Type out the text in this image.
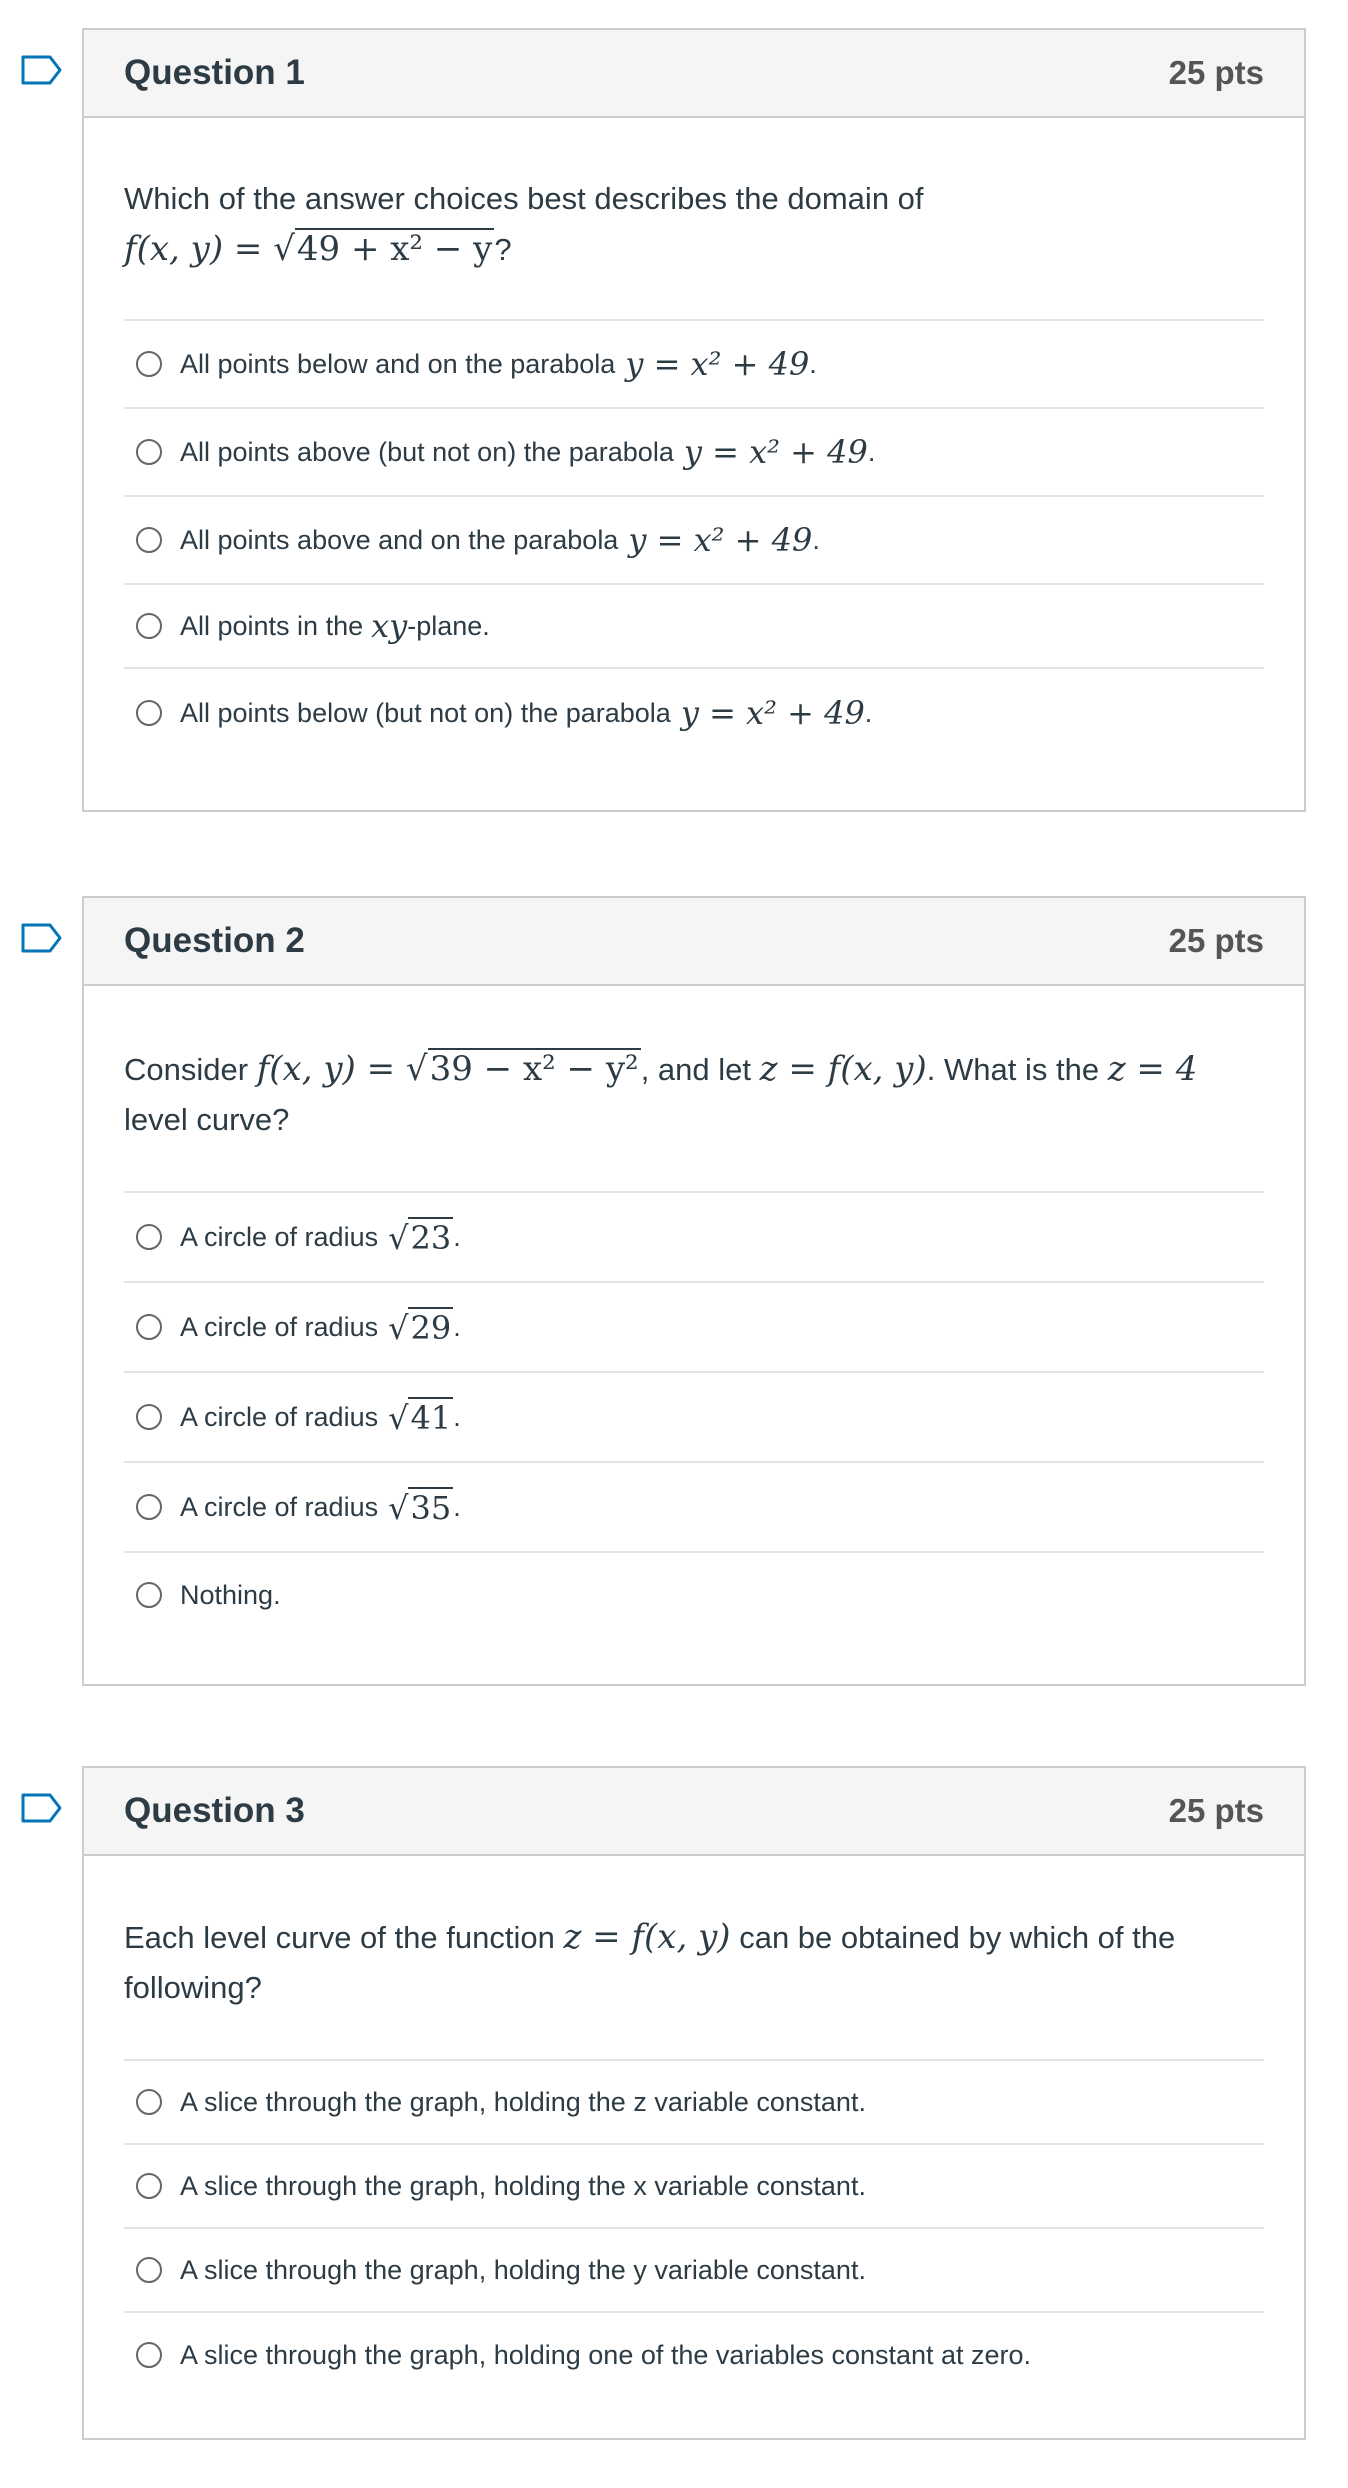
Question 1	25 pts
Which of the answer choices best describes the domain of
f(x, y) = √49 + x² − y?
All points below and on the parabola y = x² + 49 .
All points above (but not on) the parabola y = x² + 49 .
All points above and on the parabola y = x² + 49 .
All points in the xy -plane.
All points below (but not on) the parabola y = x² + 49 .
Question 2	25 pts
Consider f(x, y) = √39 − x² − y², and let z = f(x, y). What is the z = 4
level curve?
A circle of radius √23 .
A circle of radius √29 .
A circle of radius √41 .
A circle of radius √35 .
Nothing.
Question 3	25 pts
Each level curve of the function z = f(x, y) can be obtained by which of the following?
A slice through the graph, holding the z variable constant.
A slice through the graph, holding the x variable constant.
A slice through the graph, holding the y variable constant.
A slice through the graph, holding one of the variables constant at zero.
